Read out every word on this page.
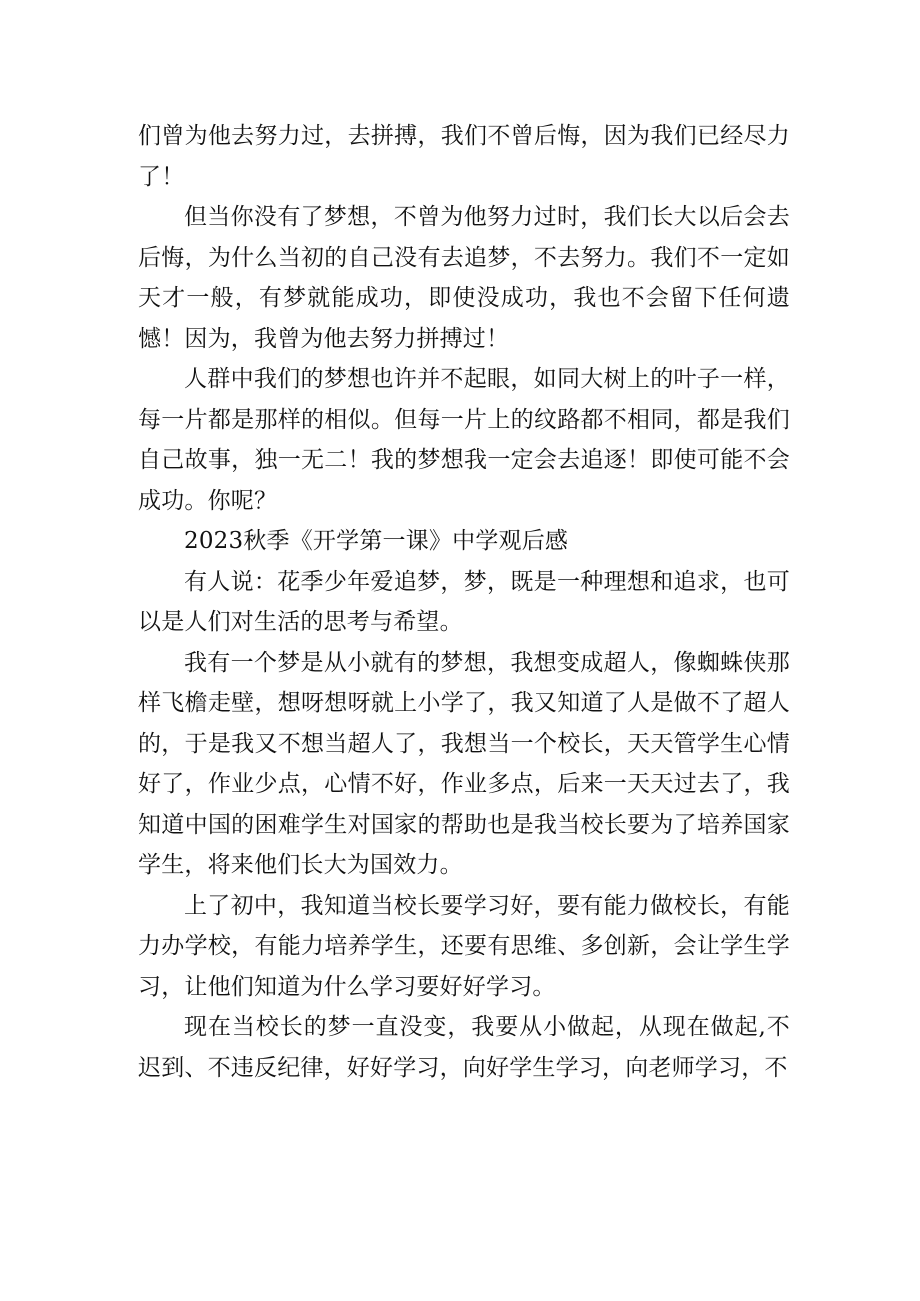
们曾为他去努力过，去拼搏，我们不曾后悔，因为我们已经尽力了！

但当你没有了梦想，不曾为他努力过时，我们长大以后会去后悔，为什么当初的自己没有去追梦，不去努力。我们不一定如天才一般，有梦就能成功，即使没成功，我也不会留下任何遗憾！因为，我曾为他去努力拼搏过！

人群中我们的梦想也许并不起眼，如同大树上的叶子一样，每一片都是那样的相似。但每一片上的纹路都不相同，都是我们自己故事，独一无二！我的梦想我一定会去追逐！即使可能不会成功。你呢？

2023秋季《开学第一课》中学观后感

有人说：花季少年爱追梦，梦，既是一种理想和追求，也可以是人们对生活的思考与希望。

我有一个梦是从小就有的梦想，我想变成超人，像蜘蛛侠那样飞檐走壁，想呀想呀就上小学了，我又知道了人是做不了超人的，于是我又不想当超人了，我想当一个校长，天天管学生心情好了，作业少点，心情不好，作业多点，后来一天天过去了，我知道中国的困难学生对国家的帮助也是我当校长要为了培养国家学生，将来他们长大为国效力。

上了初中，我知道当校长要学习好，要有能力做校长，有能力办学校，有能力培养学生，还要有思维、多创新，会让学生学习，让他们知道为什么学习要好好学习。

现在当校长的梦一直没变，我要从小做起，从现在做起,不迟到、不违反纪律，好好学习，向好学生学习，向老师学习，不
